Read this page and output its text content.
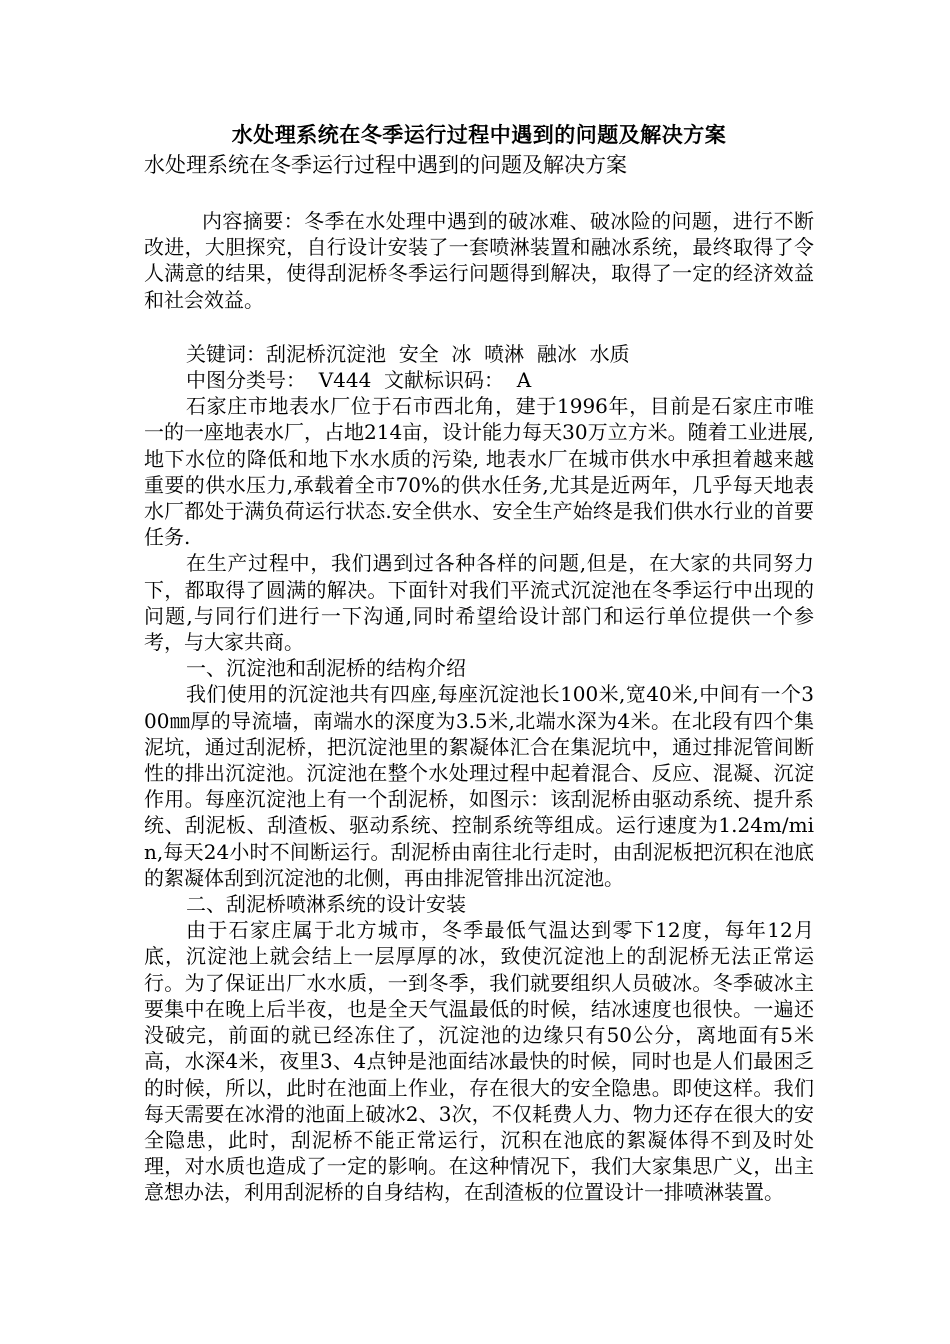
水处理系统在冬季运行过程中遇到的问题及解决方案

水处理系统在冬季运行过程中遇到的问题及解决方案

内容摘要：冬季在水处理中遇到的破冰难、破冰险的问题，进行不断改进，大胆探究，自行设计安装了一套喷淋装置和融冰系统，最终取得了令人满意的结果，使得刮泥桥冬季运行问题得到解决，取得了一定的经济效益和社会效益。

关键词：刮泥桥沉淀池  安全  冰  喷淋  融冰  水质

中图分类号：  V444  文献标识码：  A

石家庄市地表水厂位于石市西北角，建于1996年，目前是石家庄市唯一的一座地表水厂，占地214亩，设计能力每天30万立方米。随着工业进展,地下水位的降低和地下水水质的污染, 地表水厂在城市供水中承担着越来越重要的供水压力,承载着全市70%的供水任务,尤其是近两年，几乎每天地表水厂都处于满负荷运行状态.安全供水、安全生产始终是我们供水行业的首要任务.

在生产过程中，我们遇到过各种各样的问题,但是，在大家的共同努力下，都取得了圆满的解决。下面针对我们平流式沉淀池在冬季运行中出现的问题,与同行们进行一下沟通,同时希望给设计部门和运行单位提供一个参考，与大家共商。

一、沉淀池和刮泥桥的结构介绍

我们使用的沉淀池共有四座,每座沉淀池长100米,宽40米,中间有一个300㎜厚的导流墙，南端水的深度为3.5米,北端水深为4米。在北段有四个集泥坑，通过刮泥桥，把沉淀池里的絮凝体汇合在集泥坑中，通过排泥管间断性的排出沉淀池。沉淀池在整个水处理过程中起着混合、反应、混凝、沉淀作用。每座沉淀池上有一个刮泥桥，如图示：该刮泥桥由驱动系统、提升系统、刮泥板、刮渣板、驱动系统、控制系统等组成。运行速度为1.24m/min,每天24小时不间断运行。刮泥桥由南往北行走时，由刮泥板把沉积在池底的絮凝体刮到沉淀池的北侧，再由排泥管排出沉淀池。

二、刮泥桥喷淋系统的设计安装

由于石家庄属于北方城市，冬季最低气温达到零下12度，每年12月底，沉淀池上就会结上一层厚厚的冰，致使沉淀池上的刮泥桥无法正常运行。为了保证出厂水水质，一到冬季，我们就要组织人员破冰。冬季破冰主要集中在晚上后半夜，也是全天气温最低的时候，结冰速度也很快。一遍还没破完，前面的就已经冻住了，沉淀池的边缘只有50公分，离地面有5米高，水深4米，夜里3、4点钟是池面结冰最快的时候，同时也是人们最困乏的时候，所以，此时在池面上作业，存在很大的安全隐患。即使这样。我们每天需要在冰滑的池面上破冰2、3次，不仅耗费人力、物力还存在很大的安全隐患，此时，刮泥桥不能正常运行，沉积在池底的絮凝体得不到及时处理，对水质也造成了一定的影响。在这种情况下，我们大家集思广义，出主意想办法，利用刮泥桥的自身结构，在刮渣板的位置设计一排喷淋装置。
